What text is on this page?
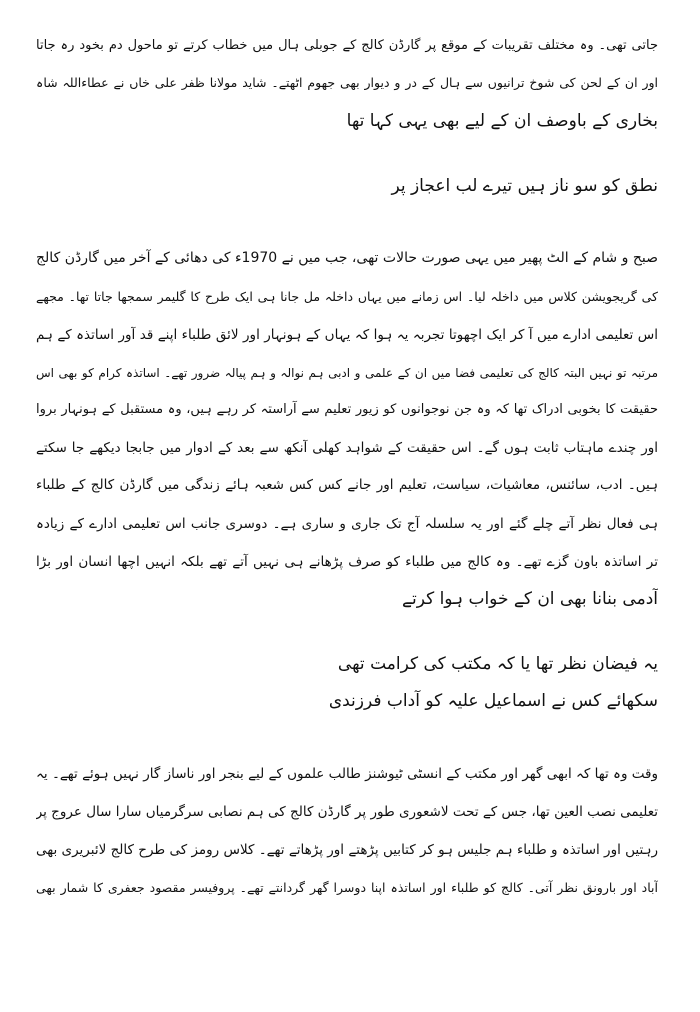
جاتی تھی۔ وہ مختلف تقریبات کے موقع پر گارڈن کالج کے جوبلی ہال میں خطاب کرتے تو ماحول دم بخود رہ جاتا
اور ان کے لحن کی شوخ ترانیوں سے ہال کے در و دیوار بھی جھوم اٹھتے۔ شاید مولانا ظفر علی خاں نے عطاءاللہ شاہ
بخاری کے باوصف ان کے لیے بھی یہی کہا تھا
نطق کو سو ناز ہیں تیرے لب اعجاز پر
صبح و شام کے الٹ پھیر میں یہی صورت حالات تھی، جب میں نے 1970ء کی دھائی کے آخر میں گارڈن کالج
کی گریجویشن کلاس میں داخلہ لیا۔ اس زمانے میں یہاں داخلہ مل جانا ہی ایک طرح کا گلیمر سمجھا جاتا تھا۔ مجھے
اس تعلیمی ادارے میں آ کر ایک اچھوتا تجربہ یہ ہوا کہ یہاں کے ہونہار اور لائق طلباء اپنے قد آور اساتذہ کے ہم
مرتبہ تو نہیں البتہ کالج کی تعلیمی فضا میں ان کے علمی و ادبی ہم نوالہ و ہم پیالہ ضرور تھے۔ اساتذہ کرام کو بھی اس
حقیقت کا بخوبی ادراک تھا کہ وہ جن نوجوانوں کو زیور تعلیم سے آراستہ کر رہے ہیں، وہ مستقبل کے ہونہار بروا
اور چندے ماہتاب ثابت ہوں گے۔ اس حقیقت کے شواہد کھلی آنکھ سے بعد کے ادوار میں جابجا دیکھے جا سکتے
ہیں۔ ادب، سائنس، معاشیات، سیاست، تعلیم اور جانے کس کس شعبہ ہائے زندگی میں گارڈن کالج کے طلباء
ہی فعال نظر آتے چلے گئے اور یہ سلسلہ آج تک جاری و ساری ہے۔ دوسری جانب اس تعلیمی ادارے کے زیادہ
تر اساتذہ باون گزے تھے۔ وہ کالج میں طلباء کو صرف پڑھانے ہی نہیں آتے تھے بلکہ انہیں اچھا انسان اور بڑا
آدمی بنانا بھی ان کے خواب ہوا کرتے
یہ فیضان نظر تھا یا کہ مکتب کی کرامت تھی
سکھائے کس نے اسماعیل علیہ کو آداب فرزندی
وقت وہ تھا کہ ابھی گھر اور مکتب کے انسٹی ٹیوشنز طالب علموں کے لیے بنجر اور ناساز گار نہیں ہوئے تھے۔ یہ
تعلیمی نصب العین تھا، جس کے تحت لاشعوری طور پر گارڈن کالج کی ہم نصابی سرگرمیاں سارا سال عروج پر
رہتیں اور اساتذہ و طلباء ہم جلیس ہو کر کتابیں پڑھتے اور پڑھاتے تھے۔ کلاس رومز کی طرح کالج لائبریری بھی
آباد اور بارونق نظر آتی۔ کالج کو طلباء اور اساتذہ اپنا دوسرا گھر گردانتے تھے۔ پروفیسر مقصود جعفری کا شمار بھی
